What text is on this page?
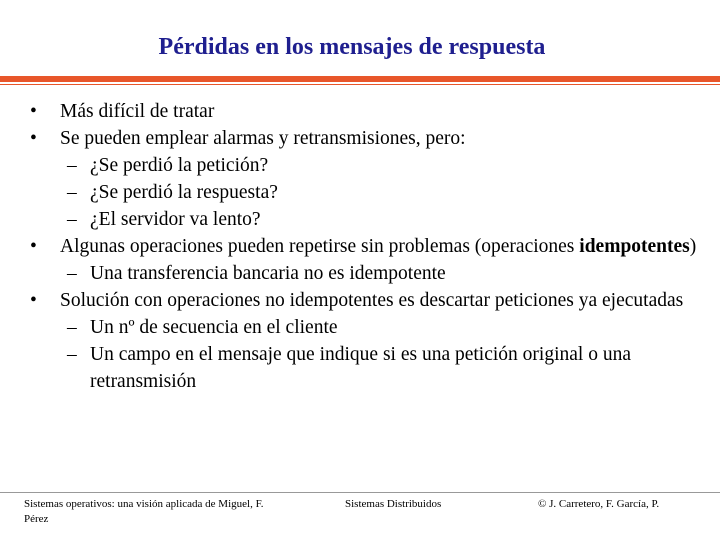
Pérdidas en los mensajes de respuesta
• Más difícil de tratar
• Se pueden emplear alarmas y retransmisiones, pero:
– ¿Se perdió la petición?
– ¿Se perdió la respuesta?
– ¿El servidor va lento?
• Algunas operaciones pueden repetirse sin problemas (operaciones idempotentes)
– Una transferencia bancaria no es idempotente
• Solución con operaciones no idempotentes es descartar peticiones ya ejecutadas
– Un nº de secuencia en el cliente
– Un campo en el mensaje que indique si es una petición original o una retransmisión
Sistemas operativos: una visión aplicada de Miguel, F. Pérez
Sistemas Distribuidos	© J. Carretero, F. García, P.
